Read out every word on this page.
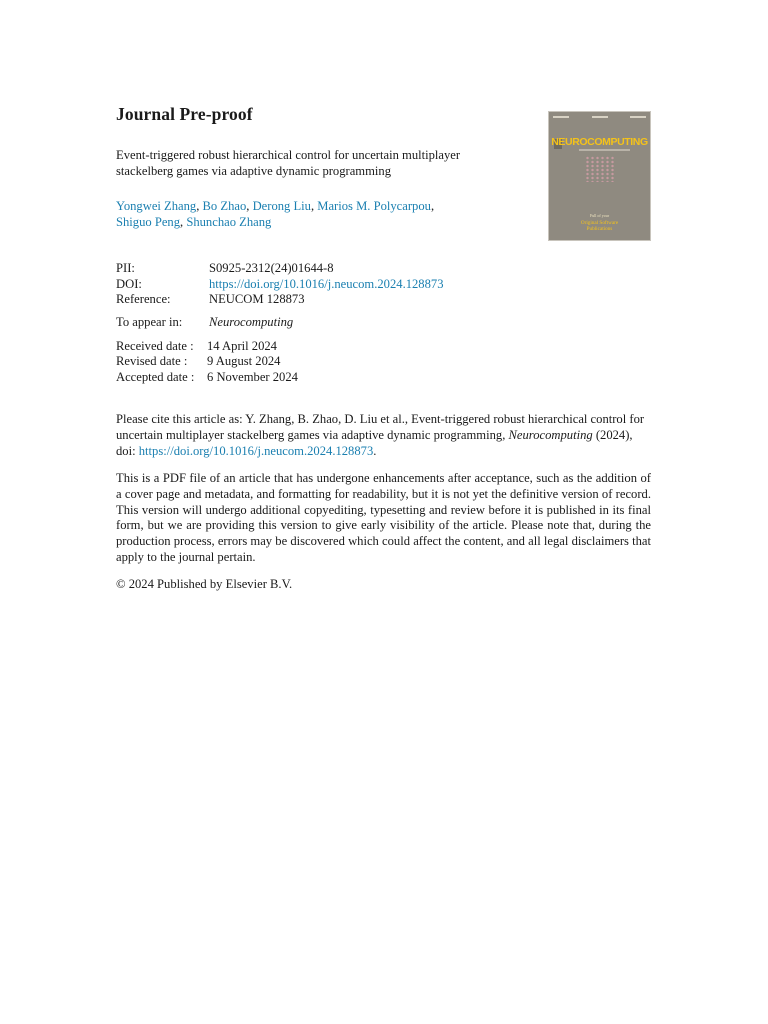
Journal Pre-proof
Event-triggered robust hierarchical control for uncertain multiplayer stackelberg games via adaptive dynamic programming
Yongwei Zhang, Bo Zhao, Derong Liu, Marios M. Polycarpou,
Shiguo Peng, Shunchao Zhang
NEUROCOMPUTING
Full of your
Original Software
Publications
PII:	S0925-2312(24)01644-8
DOI:	https://doi.org/10.1016/j.neucom.2024.128873
Reference:	NEUCOM 128873
To appear in: Neurocomputing
Received date : 14 April 2024
Revised date : 9 August 2024
Accepted date : 6 November 2024
Please cite this article as: Y. Zhang, B. Zhao, D. Liu et al., Event-triggered robust hierarchical control for uncertain multiplayer stackelberg games via adaptive dynamic programming, Neurocomputing (2024), doi: https://doi.org/10.1016/j.neucom.2024.128873.
This is a PDF file of an article that has undergone enhancements after acceptance, such as the addition of a cover page and metadata, and formatting for readability, but it is not yet the definitive version of record. This version will undergo additional copyediting, typesetting and review before it is published in its final form, but we are providing this version to give early visibility of the article. Please note that, during the production process, errors may be discovered which could affect the content, and all legal disclaimers that apply to the journal pertain.
© 2024 Published by Elsevier B.V.
